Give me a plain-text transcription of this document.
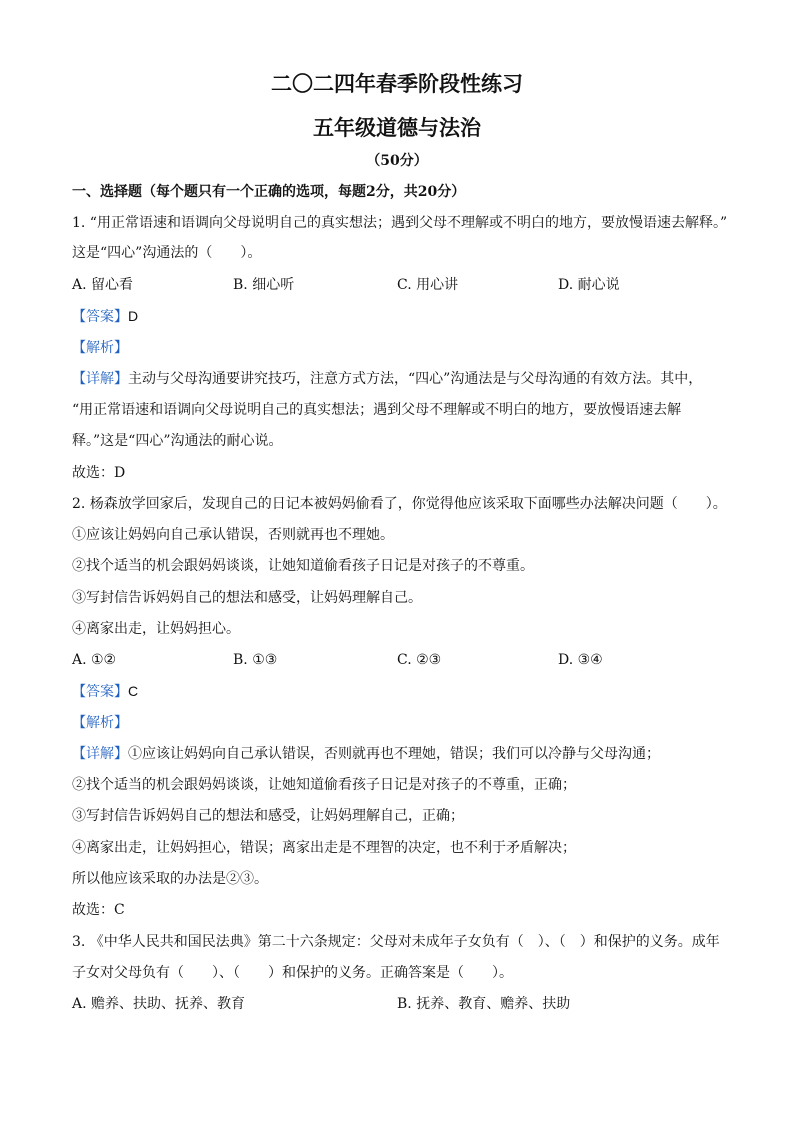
二〇二四年春季阶段性练习
五年级道德与法治
（50分）
一、选择题（每个题只有一个正确的选项，每题2分，共20分）
1. “用正常语速和语调向父母说明自己的真实想法；遇到父母不理解或不明白的地方，要放慢语速去解释。”
这是“四心”沟通法的（　　）。
A. 留心看	B. 细心听	C. 用心讲	D. 耐心说
【答案】D
【解析】
【详解】主动与父母沟通要讲究技巧，注意方式方法，“四心”沟通法是与父母沟通的有效方法。其中，
“用正常语速和语调向父母说明自己的真实想法；遇到父母不理解或不明白的地方，要放慢语速去解
释。”这是“四心”沟通法的耐心说。
故选：D
2. 杨森放学回家后，发现自己的日记本被妈妈偷看了，你觉得他应该采取下面哪些办法解决问题（　　）。
①应该让妈妈向自己承认错误，否则就再也不理她。
②找个适当的机会跟妈妈谈谈，让她知道偷看孩子日记是对孩子的不尊重。
③写封信告诉妈妈自己的想法和感受，让妈妈理解自己。
④离家出走，让妈妈担心。
A. ①②	B. ①③	C. ②③	D. ③④
【答案】C
【解析】
【详解】①应该让妈妈向自己承认错误，否则就再也不理她，错误；我们可以冷静与父母沟通；
②找个适当的机会跟妈妈谈谈，让她知道偷看孩子日记是对孩子的不尊重，正确；
③写封信告诉妈妈自己的想法和感受，让妈妈理解自己，正确；
④离家出走，让妈妈担心，错误；离家出走是不理智的决定，也不利于矛盾解决；
所以他应该采取的办法是②③。
故选：C
3. 《中华人民共和国民法典》第二十六条规定：父母对未成年子女负有（　）、（　）和保护的义务。成年
子女对父母负有（　　）、（　　）和保护的义务。正确答案是（　　）。
A. 赡养、扶助、抚养、教育	B. 抚养、教育、赡养、扶助
